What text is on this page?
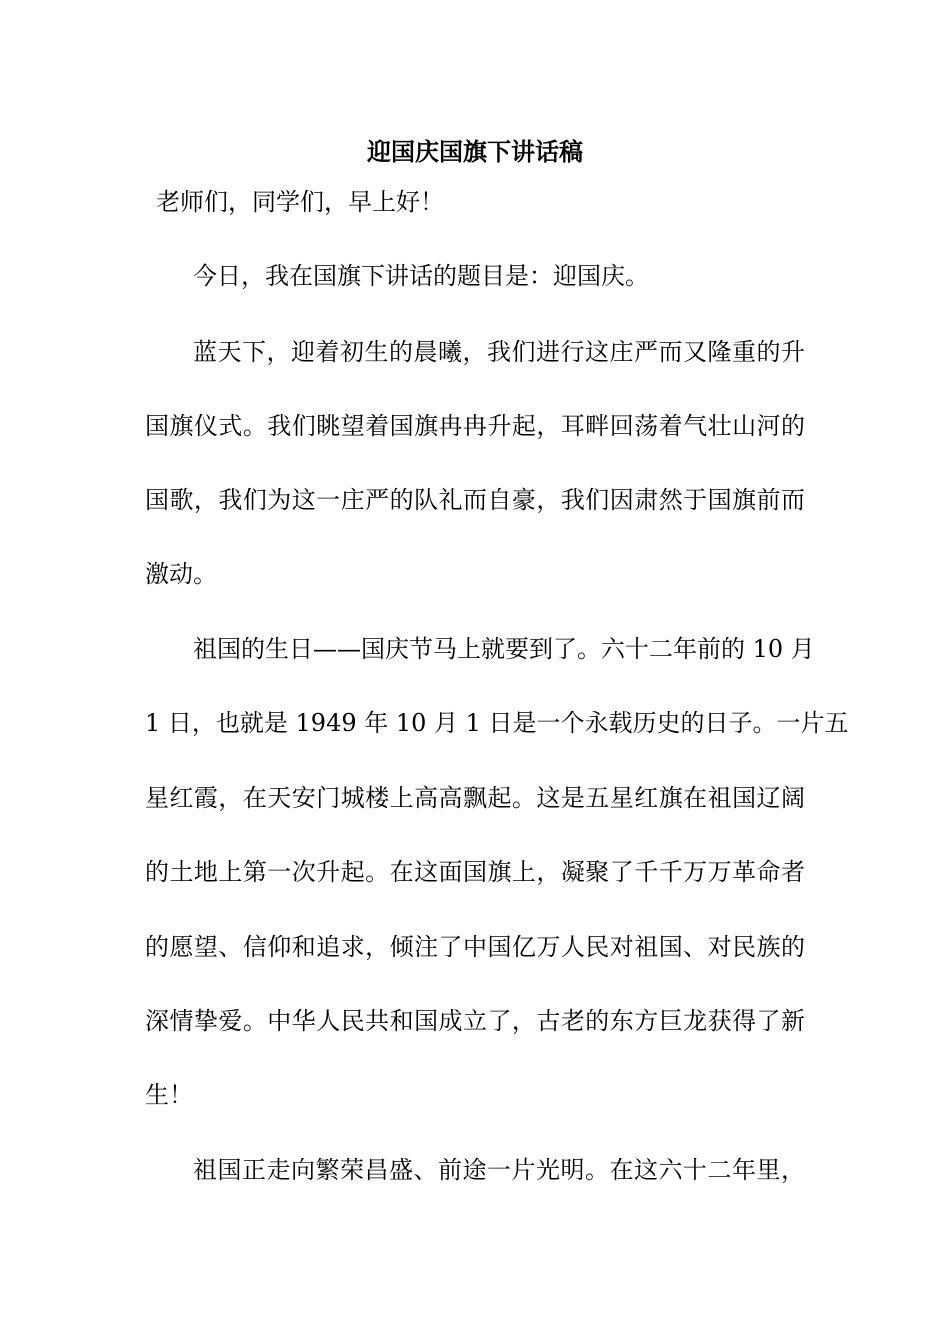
迎国庆国旗下讲话稿
老师们，同学们，早上好！
今日，我在国旗下讲话的题目是：迎国庆。
蓝天下，迎着初生的晨曦，我们进行这庄严而又隆重的升
国旗仪式。我们眺望着国旗冉冉升起，耳畔回荡着气壮山河的
国歌，我们为这一庄严的队礼而自豪，我们因肃然于国旗前而
激动。
祖国的生日——国庆节马上就要到了。六十二年前的 10 月
1 日，也就是 1949 年 10 月 1 日是一个永载历史的日子。一片五
星红霞，在天安门城楼上高高飘起。这是五星红旗在祖国辽阔
的土地上第一次升起。在这面国旗上，凝聚了千千万万革命者
的愿望、信仰和追求，倾注了中国亿万人民对祖国、对民族的
深情挚爱。中华人民共和国成立了，古老的东方巨龙获得了新
生！
祖国正走向繁荣昌盛、前途一片光明。在这六十二年里，
